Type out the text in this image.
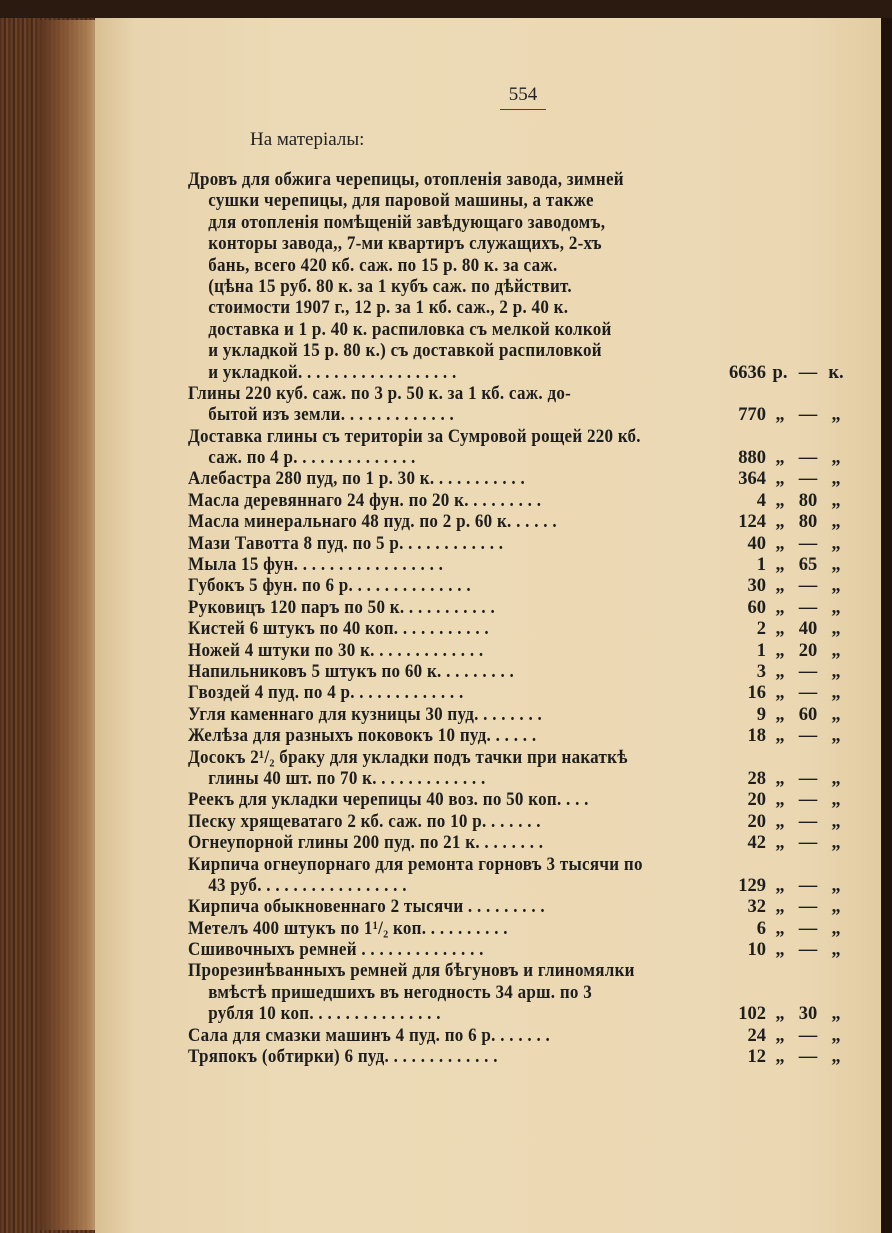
554
На матеріалы:
Дровъ для обжига черепицы, отопленія завода, зимней
сушки черепицы, для паровой машины, а также
для отопленія помѣщеній завѣдующаго заводомъ,
конторы завода,, 7-ми квартиръ служащихъ, 2-хъ
бань, всего 420 кб. саж. по 15 р. 80 к. за саж.
(цѣна 15 руб. 80 к. за 1 кубъ саж. по дѣйствит.
стоимости 1907 г., 12 р. за 1 кб. саж., 2 р. 40 к.
доставка и 1 р. 40 к. распиловка съ мелкой колкой
и укладкой 15 р. 80 к.) съ доставкой распиловкой
и укладкой. . . . . . . . . . . . . . . . . .	6636 р. — к.
Глины 220 куб. саж. по 3 р. 50 к. за 1 кб. саж. до-
бытой изъ земли. . . . . . . . . . . . .	770 „ — „
Доставка глины съ територіи за Сумровой рощей 220 кб.
саж. по 4 р. . . . . . . . . . . . . .	880 „ — „
Алебастра 280 пуд, по 1 р. 30 к. . . . . . . . . . .	364 „ — „
Масла деревяннаго 24 фун. по 20 к. . . . . . . . .	4 „ 80 „
Масла минеральнаго 48 пуд. по 2 р. 60 к. . . . . .	124 „ 80 „
Мази Тавотта 8 пуд. по 5 р. . . . . . . . . . . .	40 „ — „
Мыла 15 фун. . . . . . . . . . . . . . . . .	1 „ 65 „
Губокъ 5 фун. по 6 р. . . . . . . . . . . . . .	30 „ — „
Руковицъ 120 паръ по 50 к. . . . . . . . . . .	60 „ — „
Кистей 6 штукъ по 40 коп. . . . . . . . . . .	2 „ 40 „
Ножей 4 штуки по 30 к. . . . . . . . . . . . .	1 „ 20 „
Напильниковъ 5 штукъ по 60 к. . . . . . . . .	3 „ — „
Гвоздей 4 пуд. по 4 р. . . . . . . . . . . . .	16 „ — „
Угля каменнаго для кузницы 30 пуд. . . . . . . .	9 „ 60 „
Желѣза для разныхъ поковокъ 10 пуд. . . . . .	18 „ — „
Досокъ 2¹/₂ браку для укладки подъ тачки при накаткѣ
глины 40 шт. по 70 к. . . . . . . . . . . . .	28 „ — „
Реекъ для укладки черепицы 40 воз. по 50 коп. . . .	20 „ — „
Песку хрящеватаго 2 кб. саж. по 10 р. . . . . . .	20 „ — „
Огнеупорной глины 200 пуд. по 21 к. . . . . . . .	42 „ — „
Кирпича огнеупорнаго для ремонта горновъ 3 тысячи по
43 руб. . . . . . . . . . . . . . . . .	129 „ — „
Кирпича обыкновеннаго 2 тысячи . . . . . . . . .	32 „ — „
Метелъ 400 штукъ по 1¹/₂ коп. . . . . . . . . .	6 „ — „
Сшивочныхъ ремней . . . . . . . . . . . . . .	10 „ — „
Прорезинѣванныхъ ремней для бѣгуновъ и глиномялки
вмѣстѣ пришедшихъ въ негодность 34 арш. по 3
рубля 10 коп. . . . . . . . . . . . . . .	102 „ 30 „
Сала для смазки машинъ 4 пуд. по 6 р. . . . . . .	24 „ — „
Тряпокъ (обтирки) 6 пуд. . . . . . . . . . . . .	12 „ — „
